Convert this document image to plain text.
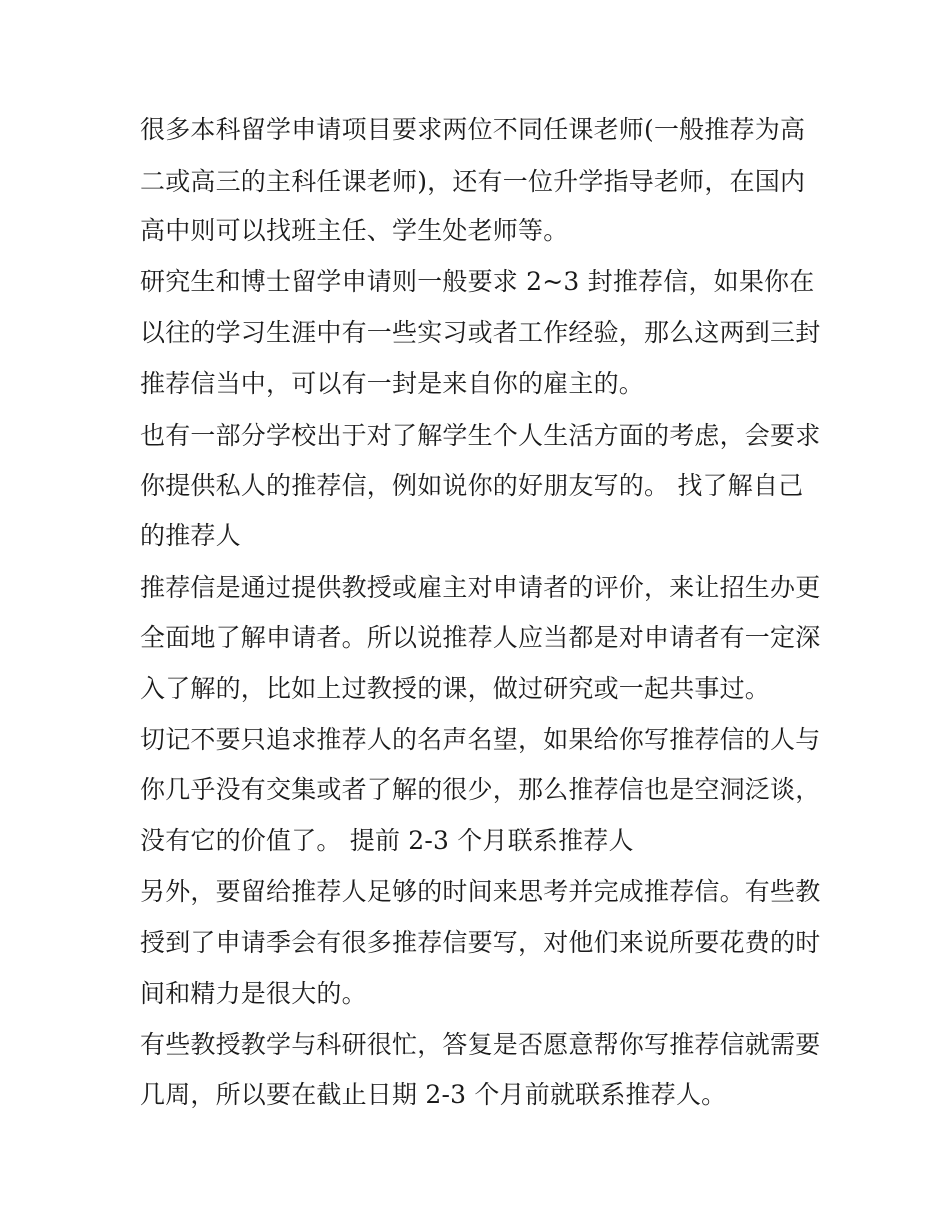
很多本科留学申请项目要求两位不同任课老师(一般推荐为高
二或高三的主科任课老师)，还有一位升学指导老师，在国内
高中则可以找班主任、学生处老师等。
研究生和博士留学申请则一般要求 2~3 封推荐信，如果你在
以往的学习生涯中有一些实习或者工作经验，那么这两到三封
推荐信当中，可以有一封是来自你的雇主的。
也有一部分学校出于对了解学生个人生活方面的考虑，会要求
你提供私人的推荐信，例如说你的好朋友写的。 找了解自己
的推荐人
推荐信是通过提供教授或雇主对申请者的评价，来让招生办更
全面地了解申请者。所以说推荐人应当都是对申请者有一定深
入了解的，比如上过教授的课，做过研究或一起共事过。
切记不要只追求推荐人的名声名望，如果给你写推荐信的人与
你几乎没有交集或者了解的很少，那么推荐信也是空洞泛谈，
没有它的价值了。 提前 2-3 个月联系推荐人
另外，要留给推荐人足够的时间来思考并完成推荐信。有些教
授到了申请季会有很多推荐信要写，对他们来说所要花费的时
间和精力是很大的。
有些教授教学与科研很忙，答复是否愿意帮你写推荐信就需要
几周，所以要在截止日期 2-3 个月前就联系推荐人。
